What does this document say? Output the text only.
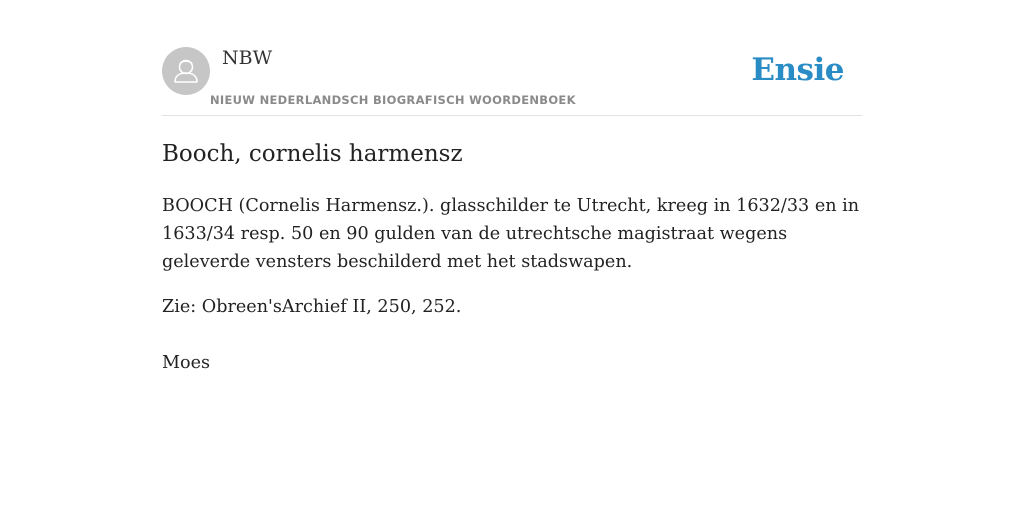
NBW
NIEUW NEDERLANDSCH BIOGRAFISCH WOORDENBOEK
Ensie
Booch, cornelis harmensz

BOOCH (Cornelis Harmensz.). glasschilder te Utrecht, kreeg in 1632/33 en in 1633/34 resp. 50 en 90 gulden van de utrechtsche magistraat wegens geleverde vensters beschilderd met het stadswapen.

Zie: Obreen'sArchief II, 250, 252.

Moes
